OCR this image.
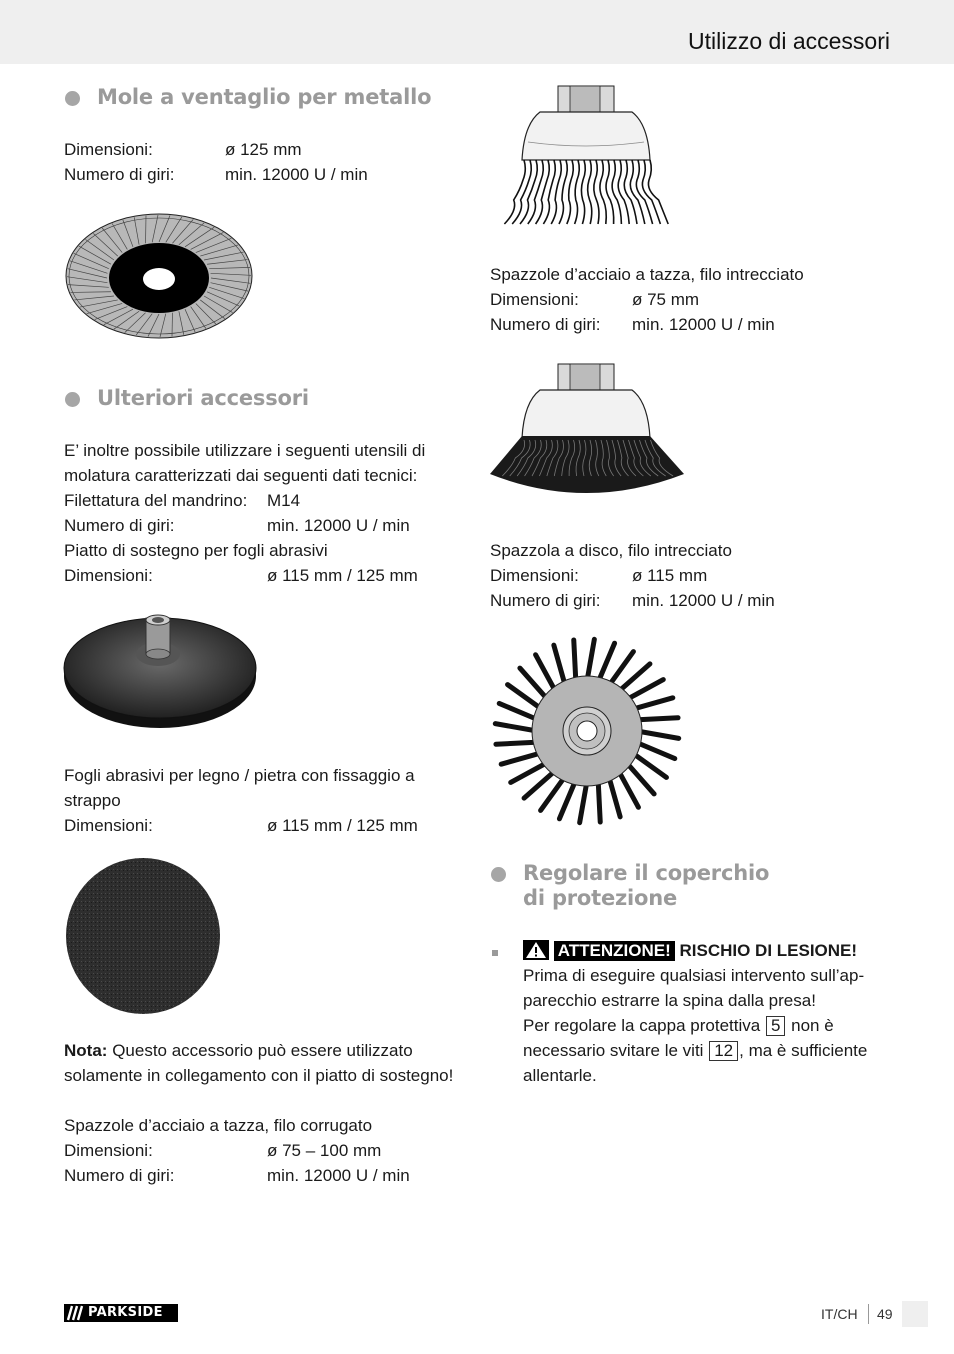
Utilizzo di accessori
Mole a ventaglio per metallo
Dimensioni:	ø 125 mm
Numero di giri:	min. 12000 U / min
Ulteriori accessori
E’ inoltre possibile utilizzare i seguenti utensili di
molatura caratterizzati dai seguenti dati tecnici:
Filettatura del mandrino: M14
Numero di giri:	min. 12000 U / min
Piatto di sostegno per fogli abrasivi
Dimensioni:	ø 115 mm / 125 mm
Fogli abrasivi per legno / pietra con fissaggio a
strappo
Dimensioni:	ø 115 mm / 125 mm
Nota: Questo accessorio può essere utilizzato
solamente in collegamento con il piatto di sostegno!
Spazzole d’acciaio a tazza, filo corrugato
Dimensioni:	ø 75 – 100 mm
Numero di giri:	min. 12000 U / min
Spazzole d’acciaio a tazza, filo intrecciato
Dimensioni:	ø 75 mm
Numero di giri: min. 12000 U / min
Spazzola a disco, filo intrecciato
Dimensioni:	ø 115 mm
Numero di giri: min. 12000 U / min
Regolare il coperchio
di protezione
ATTENZIONE! RISCHIO DI LESIONE!
Prima di eseguire qualsiasi intervento sull’ap-
parecchio estrarre la spina dalla presa!
Per regolare la cappa protettiva 5 non è
necessario svitare le viti 12 , ma è sufficiente
allentarle.
PARKSIDE	IT/CH 49
